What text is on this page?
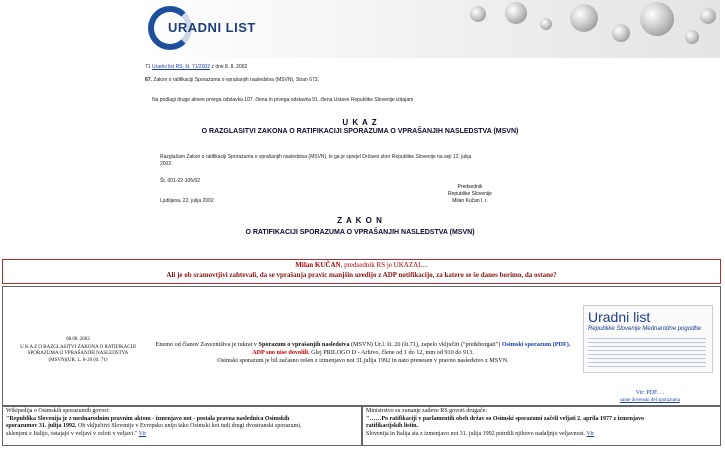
URADNI LIST
71 Uradni list RS, št. 71/2002 z dne 8. 8. 2002
67. Zakon o ratifikaciji Sporazuma o vprašanjih nasledstva (MSVN), Stran 673.
Na podlagi druge alinee prvega odstavka 107. člena in prvega odstavka 91. člena Ustave Republike Slovenije izdajam
U K A Z
O RAZGLASITVI ZAKONA O RATIFIKACIJI SPORAZUMA O VPRAŠANJIH NASLEDSTVA (MSVN)
Razglašam Zakon o ratifikaciji Sporazuma o vprašanjih nasledstva (MSVN), ki ga je sprejel Državni zbor Republike Slovenije na seji 12. julija
2002.
Št. 001-22-105/02
Ljubljana, 22. julija 2002
Predsednik
Republike Slovenije
Milan Kučan l. r.
Z A K O N
O RATIFIKACIJI SPORAZUMA O VPRAŠANJIH NASLEDSTVA (MSVN)
Milan KUČAN, predsednik RS je UKAZAL...
Ali je ob sramovtjivi zahtevali, da se vprašanja pravic manjšin uredijo z ADP notifikacijo, za katero se še danes borimo, da ostane?
08.08. 2002
U K A Z O RAZGLASITVI ZAKONA O RATIFIKACIJI SPORAZUMA O VPRAŠANJIH NASLEDSTVA
(MSVN)(UR. L. 8-20 (št. 71)
Enemo od članov Zavezništva je tukrat v Sporazum o vprašanjih nasledstva (MSVN) Ur.l. št. 20 (št.71), zapelo vključiti ("pretkhorgati") Osimski sporazum (PDF), ADP sno nise dovolili. Glej PRILOGO D - Arhivo, člene od 1 do 12, mm od 910 do 913.
Osimski sporazum je bil začasno rešen z izmenjavo not 31.julija 1992 in nato prenesen v pravno nasledstvo z MSVN.
Uradni list
Republike Slovenije Mednarodne pogodbe
Vir: PDF. . .
same dovenski del sporazuma
Wikipedija o Osimskih sporazumih govori:
"Republika Slovenija je z mednarodnim pravnim aktom - izmenjavo not - postala pravna naslednica Osimskih
sporazumov 31. julija 1992. Ob vključitvi Slovenije v Evropsko unijo tako Osimski kot tudi drugi dvostranski sporazumi,
sklenjeni z Italijo, ostajajo v veljavi v celoti v veljavi." Vir
Ministrstvo za zunanje zadeve RS govori drugače:
"……Po ratifikaciji v parlamentih obeh držav so Osimski sporazumi začeli veljati 2. aprila 1977 z izmenjavo
ratifikacijskih listin.
Slovenija in Italija sta z izmenjavo not 31. julija 1992 potrdili njihovo nadaljnjo veljavnost. Vir
